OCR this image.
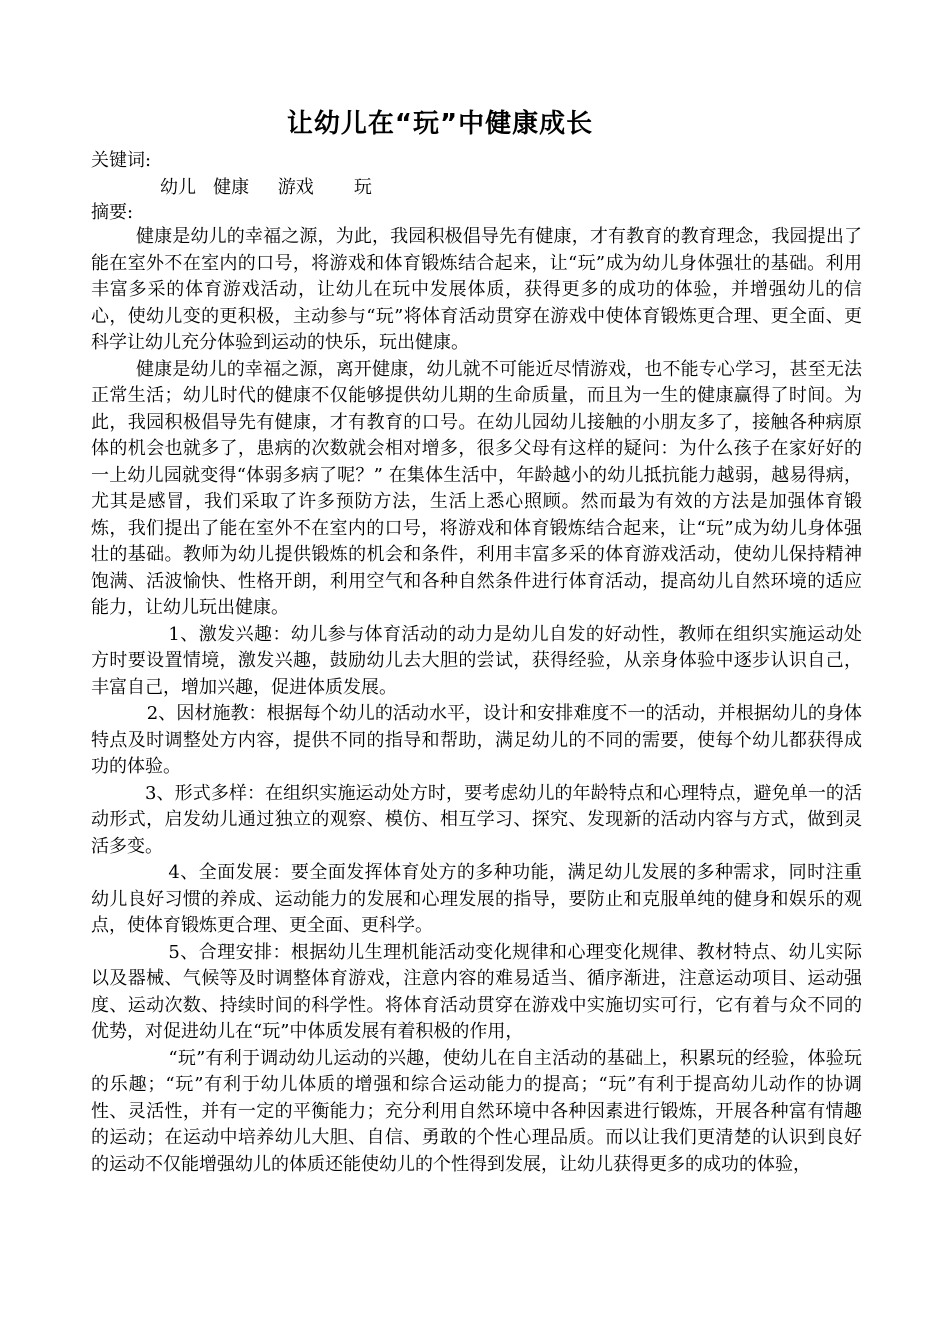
让幼儿在“玩”中健康成长
关键词:
幼儿 健康 游戏 玩
摘要:

健康是幼儿的幸福之源，为此，我园积极倡导先有健康，才有教育的教育理念，我园提出了能在室外不在室内的口号，将游戏和体育锻炼结合起来，让“玩”成为幼儿身体强壮的基础。利用丰富多采的体育游戏活动，让幼儿在玩中发展体质，获得更多的成功的体验，并增强幼儿的信心，使幼儿变的更积极，主动参与“玩”将体育活动贯穿在游戏中使体育锻炼更合理、更全面、更科学让幼儿充分体验到运动的快乐，玩出健康。

健康是幼儿的幸福之源，离开健康，幼儿就不可能近尽情游戏，也不能专心学习，甚至无法正常生活；幼儿时代的健康不仅能够提供幼儿期的生命质量，而且为一生的健康赢得了时间。为此，我园积极倡导先有健康，才有教育的口号。在幼儿园幼儿接触的小朋友多了，接触各种病原体的机会也就多了，患病的次数就会相对增多，很多父母有这样的疑问：为什么孩子在家好好的一上幼儿园就变得“体弱多病了呢？” 在集体生活中，年龄越小的幼儿抵抗能力越弱，越易得病，尤其是感冒，我们采取了许多预防方法，生活上悉心照顾。然而最为有效的方法是加强体育锻炼，我们提出了能在室外不在室内的口号，将游戏和体育锻炼结合起来，让“玩”成为幼儿身体强壮的基础。教师为幼儿提供锻炼的机会和条件，利用丰富多采的体育游戏活动，使幼儿保持精神饱满、活波愉快、性格开朗，利用空气和各种自然条件进行体育活动，提高幼儿自然环境的适应能力，让幼儿玩出健康。

1、激发兴趣：幼儿参与体育活动的动力是幼儿自发的好动性，教师在组织实施运动处方时要设置情境，激发兴趣，鼓励幼儿去大胆的尝试，获得经验，从亲身体验中逐步认识自己，丰富自己，增加兴趣，促进体质发展。

2、因材施教：根据每个幼儿的活动水平，设计和安排难度不一的活动，并根据幼儿的身体特点及时调整处方内容，提供不同的指导和帮助，满足幼儿的不同的需要，使每个幼儿都获得成功的体验。

3、形式多样：在组织实施运动处方时，要考虑幼儿的年龄特点和心理特点，避免单一的活动形式，启发幼儿通过独立的观察、模仿、相互学习、探究、发现新的活动内容与方式，做到灵活多变。

4、全面发展：要全面发挥体育处方的多种功能，满足幼儿发展的多种需求，同时注重幼儿良好习惯的养成、运动能力的发展和心理发展的指导，要防止和克服单纯的健身和娱乐的观点，使体育锻炼更合理、更全面、更科学。

5、合理安排：根据幼儿生理机能活动变化规律和心理变化规律、教材特点、幼儿实际以及器械、气候等及时调整体育游戏，注意内容的难易适当、循序渐进，注意运动项目、运动强度、运动次数、持续时间的科学性。将体育活动贯穿在游戏中实施切实可行，它有着与众不同的优势，对促进幼儿在“玩”中体质发展有着积极的作用，

“玩”有利于调动幼儿运动的兴趣，使幼儿在自主活动的基础上，积累玩的经验，体验玩的乐趣；“玩”有利于幼儿体质的增强和综合运动能力的提高；“玩”有利于提高幼儿动作的协调性、灵活性，并有一定的平衡能力；充分利用自然环境中各种因素进行锻炼，开展各种富有情趣的运动；在运动中培养幼儿大胆、自信、勇敢的个性心理品质。而以让我们更清楚的认识到良好的运动不仅能增强幼儿的体质还能使幼儿的个性得到发展，让幼儿获得更多的成功的体验，
